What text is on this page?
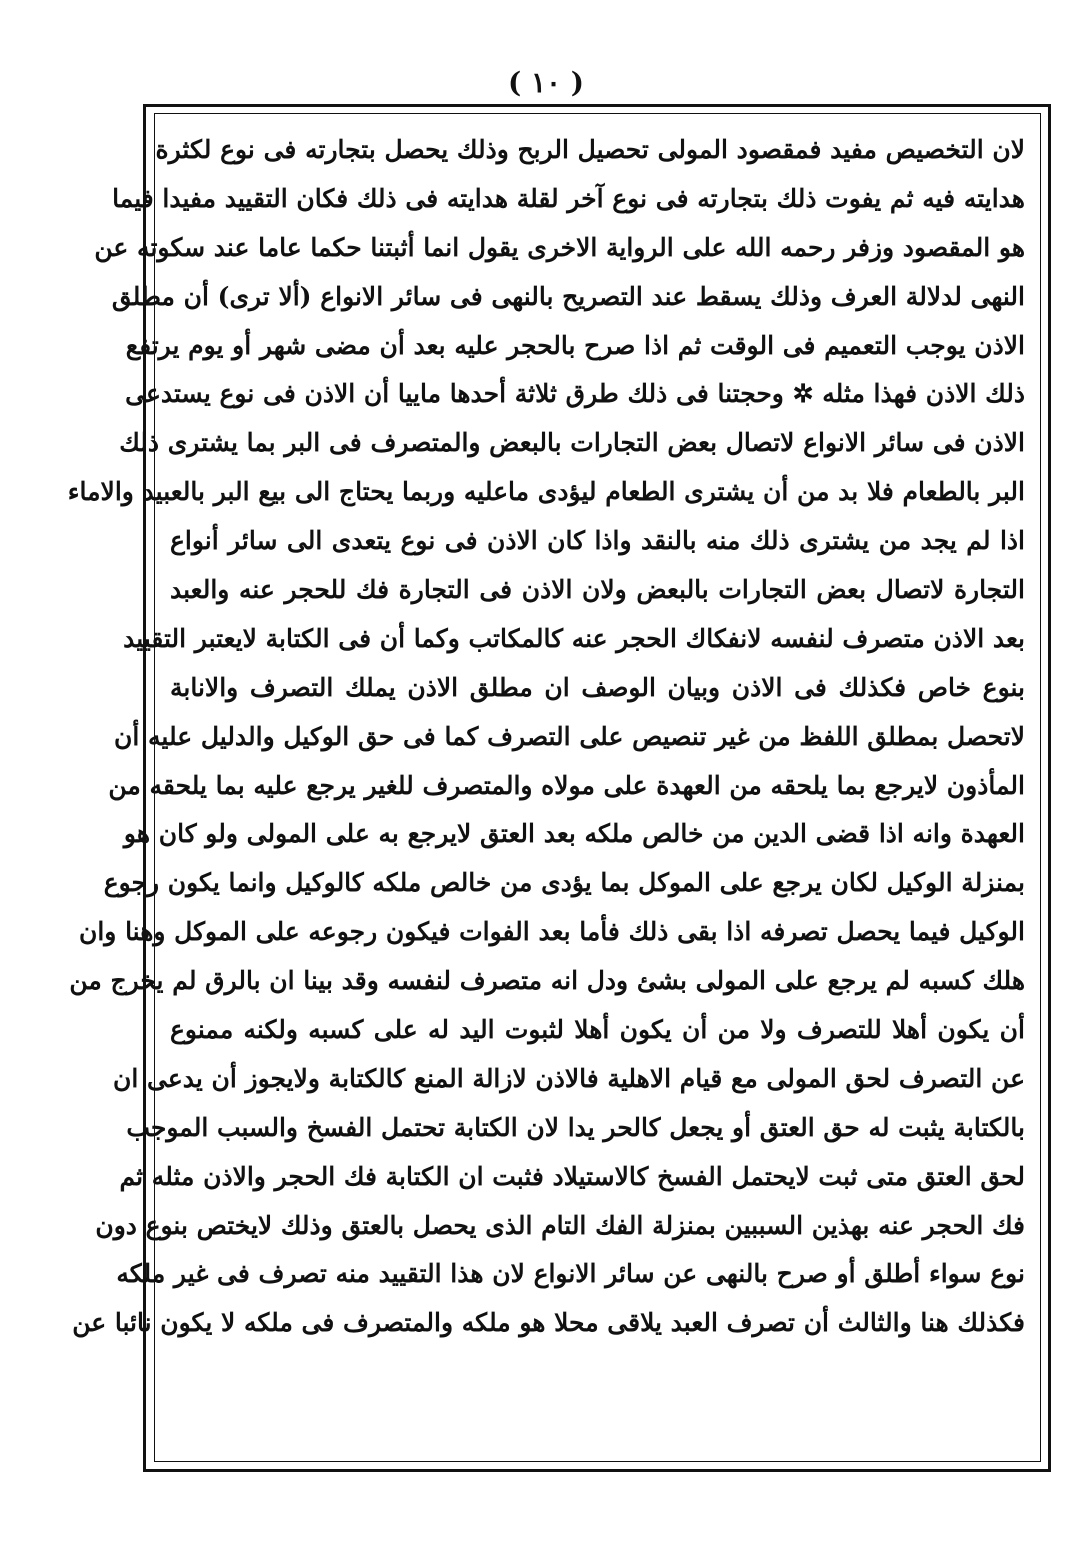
( ١٠ )
لان التخصيص مفيد فمقصود المولى تحصيل الربح وذلك يحصل بتجارته فى نوع لكثرة
هدايته فيه ثم يفوت ذلك بتجارته فى نوع آخر لقلة هدايته فى ذلك فكان التقييد مفيدا فيما
هو المقصود وزفر رحمه الله على الرواية الاخرى يقول انما أثبتنا حكما عاما عند سكوته عن
النهى لدلالة العرف وذلك يسقط عند التصريح بالنهى فى سائر الانواع (ألا ترى) أن مطلق
الاذن يوجب التعميم فى الوقت ثم اذا صرح بالحجر عليه بعد أن مضى شهر أو يوم يرتفع
ذلك الاذن فهذا مثله ✲ وحجتنا فى ذلك طرق ثلاثة أحدها ماييا أن الاذن فى نوع يستدعى
الاذن فى سائر الانواع لاتصال بعض التجارات بالبعض والمتصرف فى البر بما يشترى ذلك
البر بالطعام فلا بد من أن يشترى الطعام ليؤدى ماعليه وربما يحتاج الى بيع البر بالعبيد والاماء
اذا لم يجد من يشترى ذلك منه بالنقد واذا كان الاذن فى نوع يتعدى الى سائر أنواع
التجارة لاتصال بعض التجارات بالبعض ولان الاذن فى التجارة فك للحجر عنه والعبد
بعد الاذن متصرف لنفسه لانفكاك الحجر عنه كالمكاتب وكما أن فى الكتابة لايعتبر التقييد
بنوع خاص فكذلك فى الاذن وبيان الوصف ان مطلق الاذن يملك التصرف والانابة
لاتحصل بمطلق اللفظ من غير تنصيص على التصرف كما فى حق الوكيل والدليل عليه أن
المأذون لايرجع بما يلحقه من العهدة على مولاه والمتصرف للغير يرجع عليه بما يلحقه من
العهدة وانه اذا قضى الدين من خالص ملكه بعد العتق لايرجع به على المولى ولو كان هو
بمنزلة الوكيل لكان يرجع على الموكل بما يؤدى من خالص ملكه كالوكيل وانما يكون رجوع
الوكيل فيما يحصل تصرفه اذا بقى ذلك فأما بعد الفوات فيكون رجوعه على الموكل وهنا وان
هلك كسبه لم يرجع على المولى بشئ ودل انه متصرف لنفسه وقد بينا ان بالرق لم يخرج من
أن يكون أهلا للتصرف ولا من أن يكون أهلا لثبوت اليد له على كسبه ولكنه ممنوع
عن التصرف لحق المولى مع قيام الاهلية فالاذن لازالة المنع كالكتابة ولايجوز أن يدعى ان
بالكتابة يثبت له حق العتق أو يجعل كالحر يدا لان الكتابة تحتمل الفسخ والسبب الموجب
لحق العتق متى ثبت لايحتمل الفسخ كالاستيلاد فثبت ان الكتابة فك الحجر والاذن مثله ثم
فك الحجر عنه بهذين السببين بمنزلة الفك التام الذى يحصل بالعتق وذلك لايختص بنوع دون
نوع سواء أطلق أو صرح بالنهى عن سائر الانواع لان هذا التقييد منه تصرف فى غير ملكه
فكذلك هنا والثالث أن تصرف العبد يلاقى محلا هو ملكه والمتصرف فى ملكه لا يكون نائبا عن
